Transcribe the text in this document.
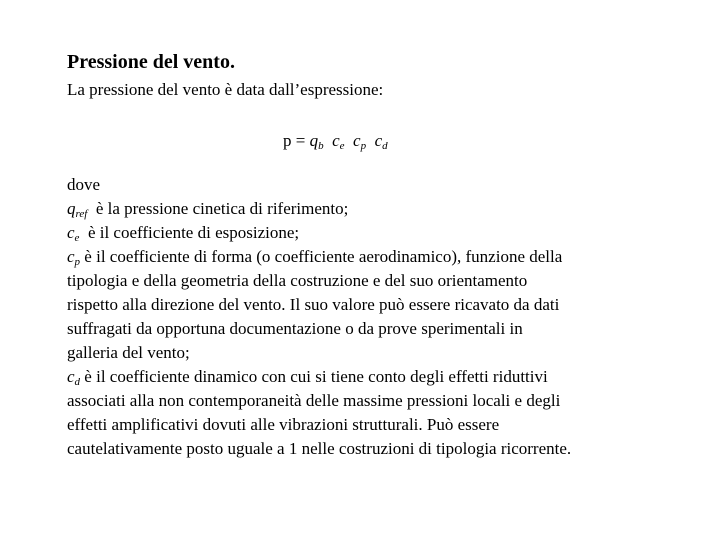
Pressione del vento.
La pressione del vento è data dall’espressione:
$p = q_b$ $c_e$ $c_p$ $c_d$
dove
$q_{ref}$ è la pressione cinetica di riferimento;
$c_e$ è il coefficiente di esposizione;
$c_p$ è il coefficiente di forma (o coefficiente aerodinamico), funzione della
tipologia e della geometria della costruzione e del suo orientamento
rispetto alla direzione del vento. Il suo valore può essere ricavato da dati
suffragati da opportuna documentazione o da prove sperimentali in
galleria del vento;
$c_d$ è il coefficiente dinamico con cui si tiene conto degli effetti riduttivi
associati alla non contemporaneità delle massime pressioni locali e degli
effetti amplificativi dovuti alle vibrazioni strutturali. Può essere
cautelativamente posto uguale a 1 nelle costruzioni di tipologia ricorrente.
